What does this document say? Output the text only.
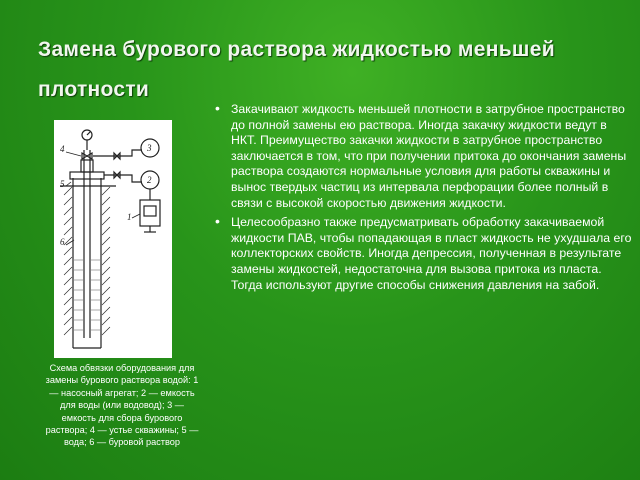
Замена бурового раствора жидкостью меньшей плотности
• Закачивают жидкость меньшей плотности в затрубное пространство до полной замены ею раствора. Иногда закачку жидкости ведут в НКТ. Преимущество закачки жидкости в затрубное пространство заключается в том, что при получении притока до окончания замены раствора создаются нормальные условия для работы скважины и вынос твердых частиц из интервала перфорации более полный в связи с высокой скоростью движения жидкости.
• Целесообразно также предусматривать обработку закачиваемой жидкости ПАВ, чтобы попадающая в пласт жидкость не ухудшала его коллекторских свойств. Иногда депрессия, полученная в результате замены жидкостей, недостаточна для вызова притока из пласта. Тогда используют другие способы снижения давления на забой.
1
2
3
4
5
6
Схема обвязки оборудования для замены бурового раствора водой: 1 — насосный агрегат; 2 — емкость для воды (или водовод); 3 — емкость для сбора бурового раствора; 4 — устье скважины; 5 — вода; 6 — буровой раствор
